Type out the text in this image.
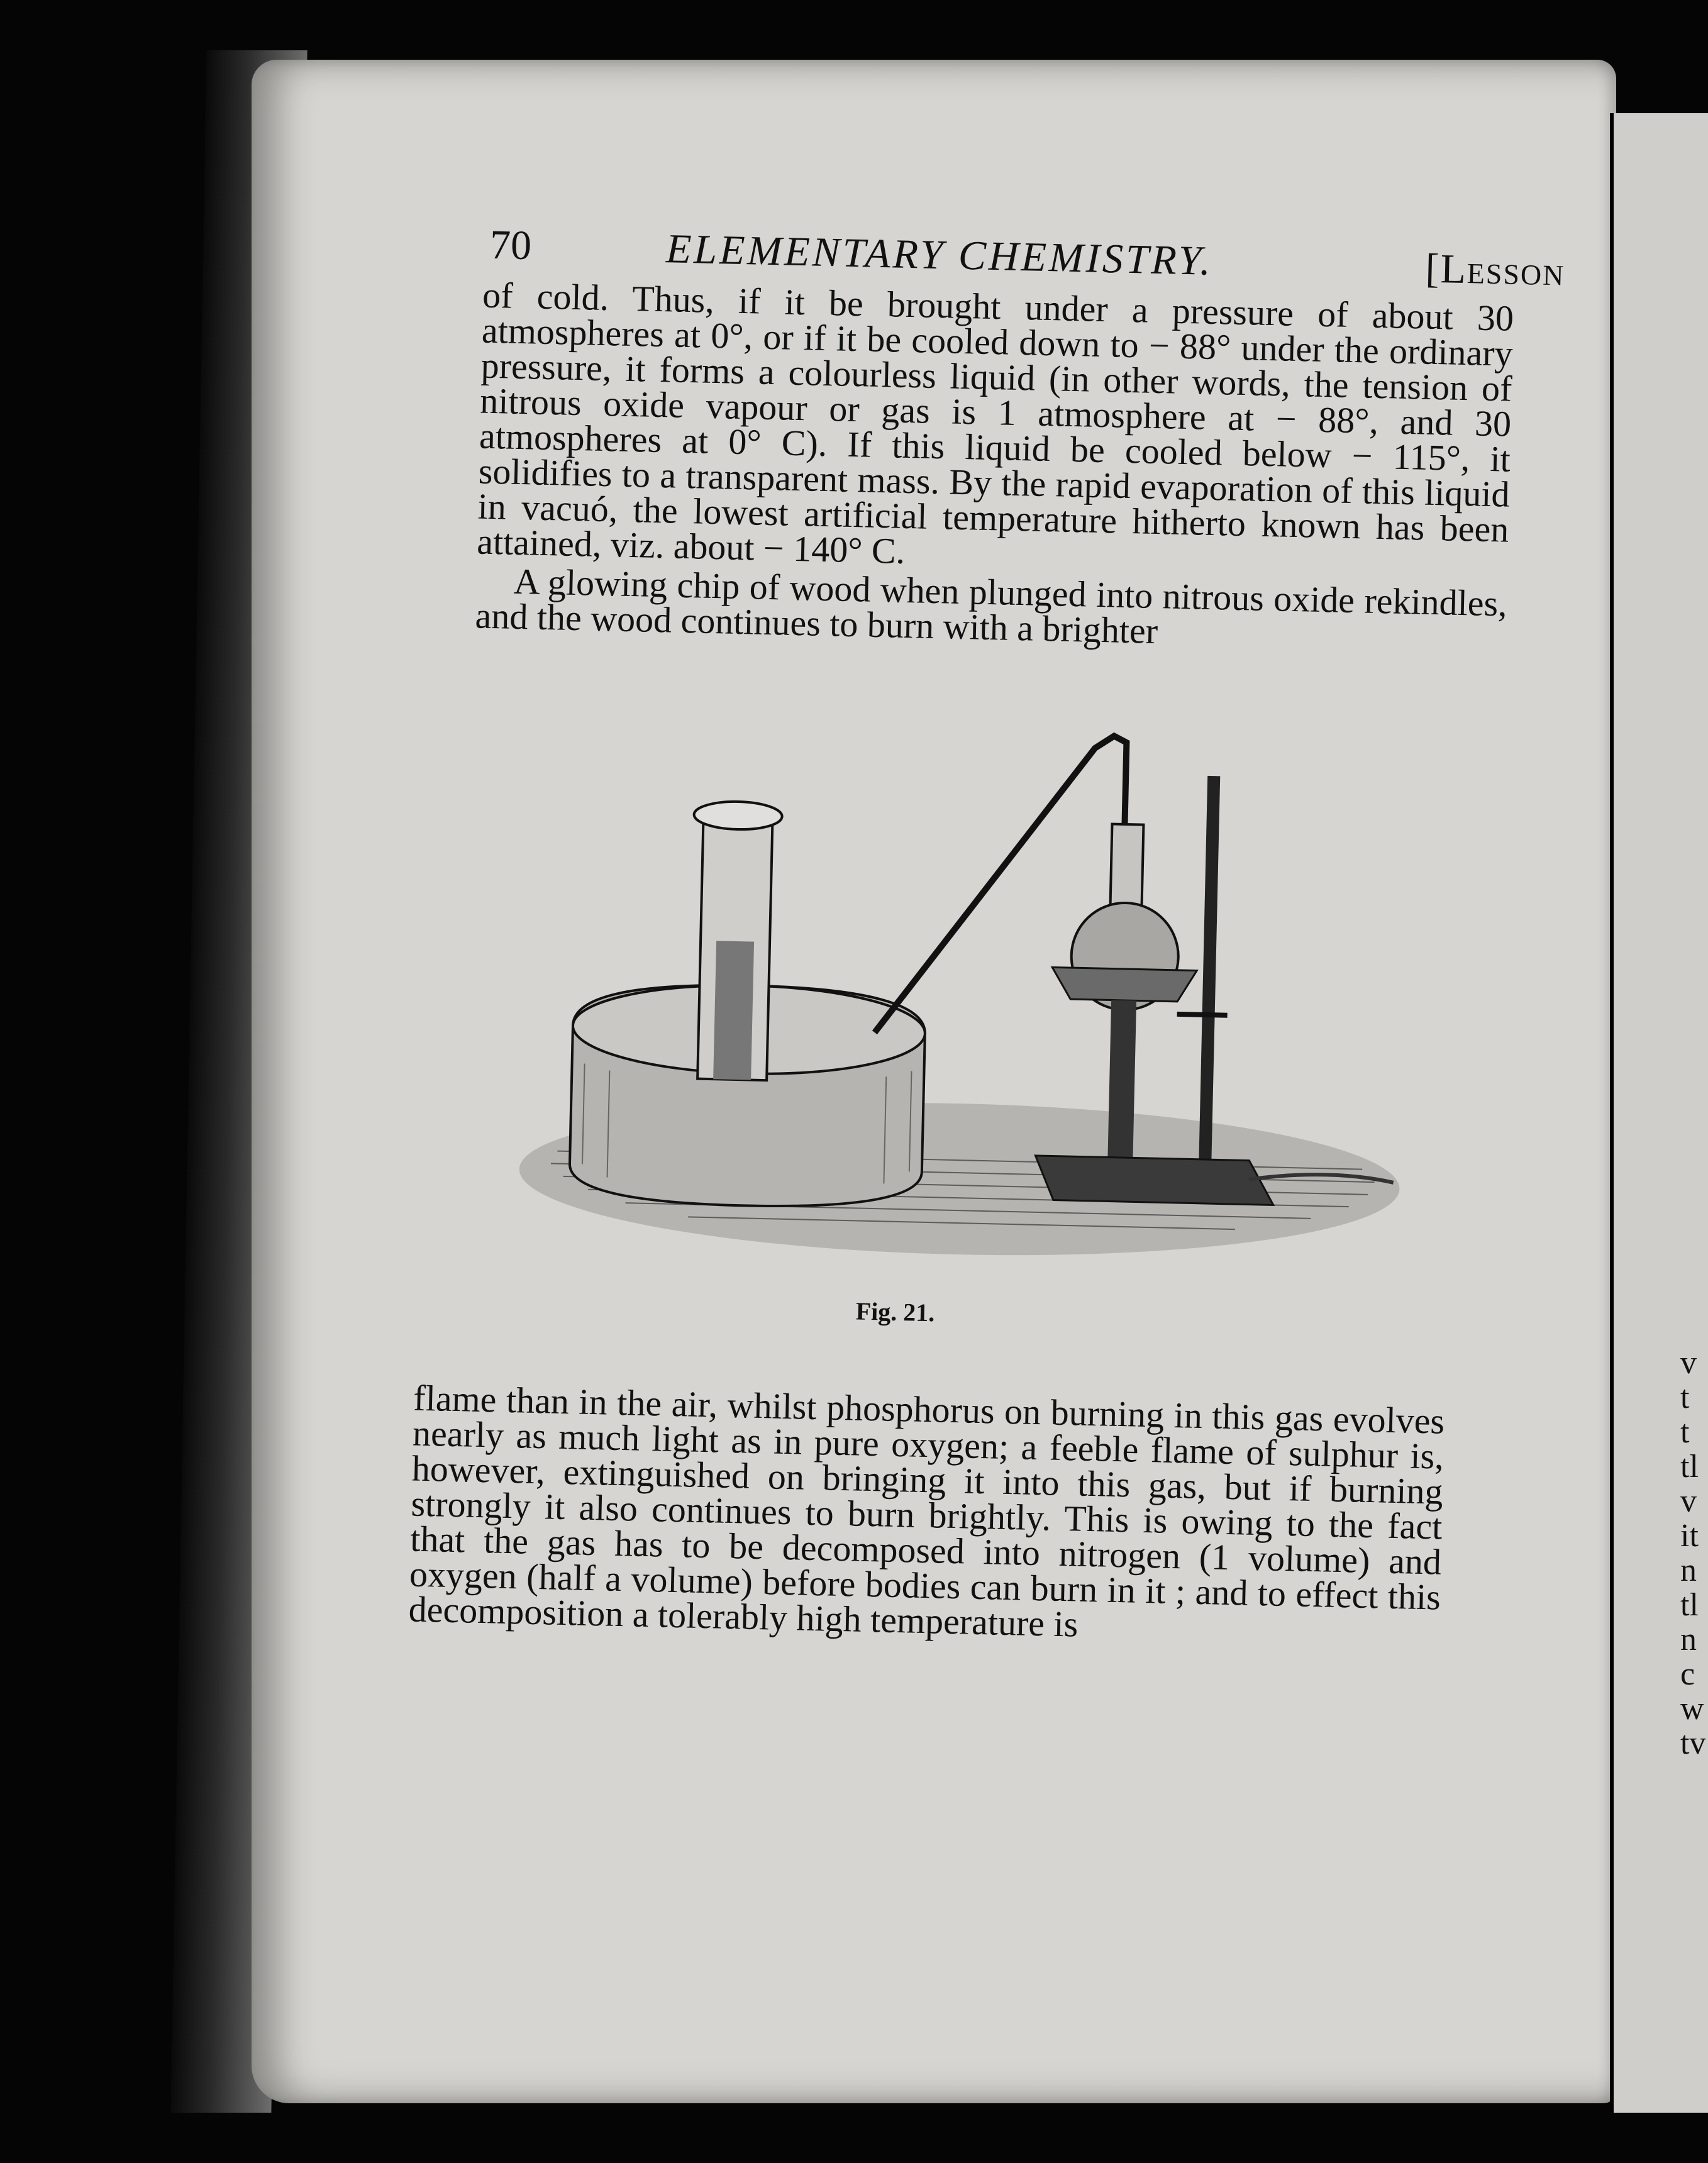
v
t
t
tl
v
it
n
tl
n
c
w
tv
70	ELEMENTARY CHEMISTRY.	[Lesson

of cold. Thus, if it be brought under a pressure of about 30 atmospheres at 0°, or if it be cooled down to − 88° under the ordinary pressure, it forms a colourless liquid (in other words, the tension of nitrous oxide vapour or gas is 1 atmosphere at − 88°, and 30 atmospheres at 0° C). If this liquid be cooled below − 115°, it solidifies to a transparent mass. By the rapid evaporation of this liquid in vacuó, the lowest artificial temperature hitherto known has been attained, viz. about − 140° C.

A glowing chip of wood when plunged into nitrous oxide rekindles, and the wood continues to burn with a brighter

Fig. 21.

flame than in the air, whilst phosphorus on burning in this gas evolves nearly as much light as in pure oxygen; a feeble flame of sulphur is, however, extinguished on bringing it into this gas, but if burning strongly it also continues to burn brightly. This is owing to the fact that the gas has to be decomposed into nitrogen (1 volume) and oxygen (half a volume) before bodies can burn in it ; and to effect this decomposition a tolerably high temperature is
